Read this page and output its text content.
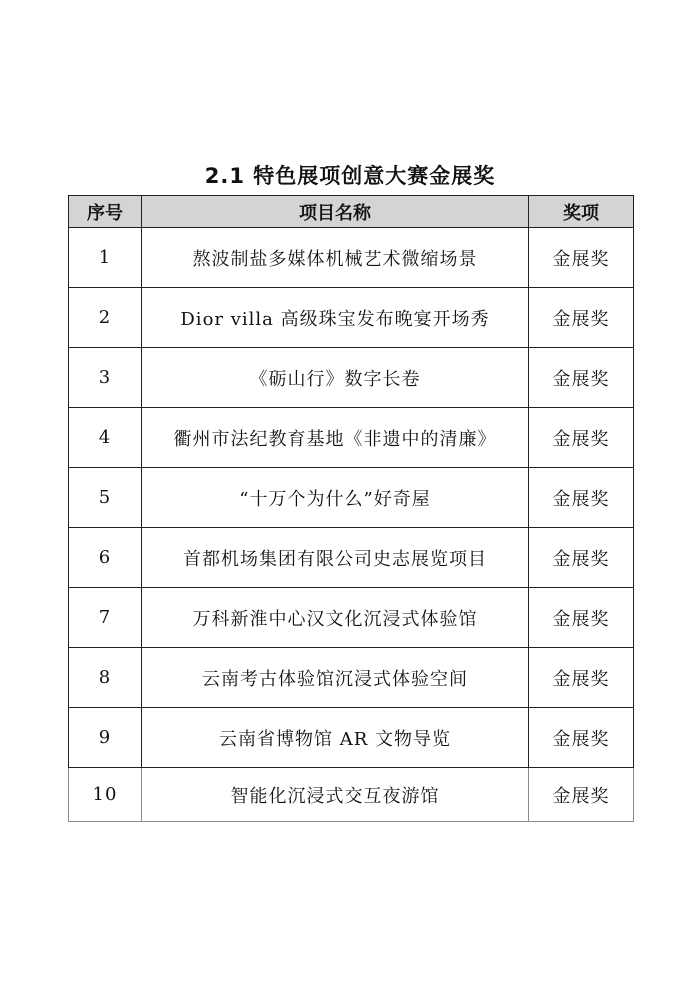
2.1 特色展项创意大赛金展奖
序号	项目名称	奖项
1	熬波制盐多媒体机械艺术微缩场景	金展奖
2	Dior villa 高级珠宝发布晚宴开场秀	金展奖
3	《砺山行》数字长卷	金展奖
4	衢州市法纪教育基地《非遗中的清廉》	金展奖
5	“十万个为什么”好奇屋	金展奖
6	首都机场集团有限公司史志展览项目	金展奖
7	万科新淮中心汉文化沉浸式体验馆	金展奖
8	云南考古体验馆沉浸式体验空间	金展奖
9	云南省博物馆 AR 文物导览	金展奖
10	智能化沉浸式交互夜游馆	金展奖
